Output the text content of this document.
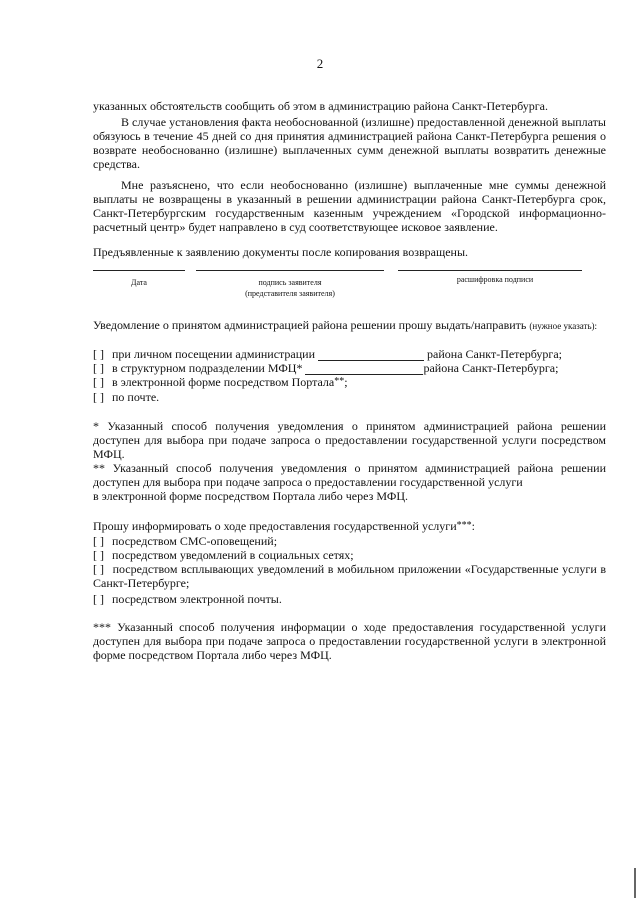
2
указанных обстоятельств сообщить об этом в администрацию района Санкт-Петербурга.
В случае установления факта необоснованной (излишне) предоставленной денежной выплаты обязуюсь в течение 45 дней со дня принятия администрацией района Санкт-Петербурга решения о возврате необоснованно (излишне) выплаченных сумм денежной выплаты возвратить денежные средства.
Мне разъяснено, что если необоснованно (излишне) выплаченные мне суммы денежной выплаты не возвращены в указанный в решении администрации района Санкт-Петербурга срок, Санкт-Петербургским государственным казенным учреждением «Городской информационно-расчетный центр» будет направлено в суд соответствующее исковое заявление.
Предъявленные к заявлению документы после копирования возвращены.
Дата	подпись заявителя
(представителя заявителя)
расшифровка подписи
Уведомление о принятом администрацией района решении прошу выдать/направить (нужное указать):
[ ] при личном посещении администрации	района Санкт-Петербурга;
[ ] в структурном подразделении МФЦ*	района Санкт-Петербурга;
[ ] в электронной форме посредством Портала**;
[ ] по почте.
* Указанный способ получения уведомления о принятом администрацией района решении доступен для выбора при подаче запроса о предоставлении государственной услуги посредством МФЦ.
** Указанный способ получения уведомления о принятом администрацией района решении доступен для выбора при подаче запроса о предоставлении государственной услуги
в электронной форме посредством Портала либо через МФЦ.
Прошу информировать о ходе предоставления государственной услуги***:
[ ] посредством СМС-оповещений;
[ ] посредством уведомлений в социальных сетях;
[ ] посредством всплывающих уведомлений в мобильном приложении «Государственные услуги в Санкт-Петербурге;
[ ] посредством электронной почты.
*** Указанный способ получения информации о ходе предоставления государственной услуги доступен для выбора при подаче запроса о предоставлении государственной услуги в электронной форме посредством Портала либо через МФЦ.
